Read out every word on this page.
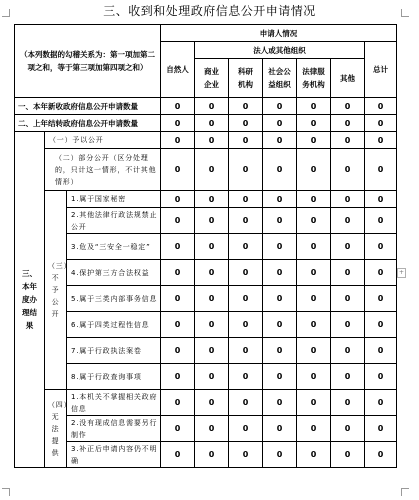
三、收到和处理政府信息公开申请情况
+
（本列数据的勾稽关系为：第一项加第二项之和，等于第三项加第四项之和）			申请人情况						
			自然人	法人或其他组织					总计
				商业企业	科研机构	社会公益组织	法律服务机构	其他	
一、本年新收政府信息公开申请数量			0	0	0	0	0	0	0
二、上年结转政府信息公开申请数量			0	0	0	0	0	0	0
三、本年度办理结果	（一）予以公开		0	0	0	0	0	0	0
	（二）部分公开（区分处理的，只计这一情形，不计其他情形）		0	0	0	0	0	0	0
	（三）不予公开	1.属于国家秘密	0	0	0	0	0	0	0
		2.其他法律行政法规禁止公开	0	0	0	0	0	0	0
		3.危及“三安全一稳定”	0	0	0	0	0	0	0
		4.保护第三方合法权益	0	0	0	0	0	0	0
		5.属于三类内部事务信息	0	0	0	0	0	0	0
		6.属于四类过程性信息	0	0	0	0	0	0	0
		7.属于行政执法案卷	0	0	0	0	0	0	0
		8.属于行政查询事项	0	0	0	0	0	0	0
	（四）无法提供	1.本机关不掌握相关政府信息	0	0	0	0	0	0	0
		2.没有现成信息需要另行制作	0	0	0	0	0	0	0
		3.补正后申请内容仍不明确	0	0	0	0	0	0	0
